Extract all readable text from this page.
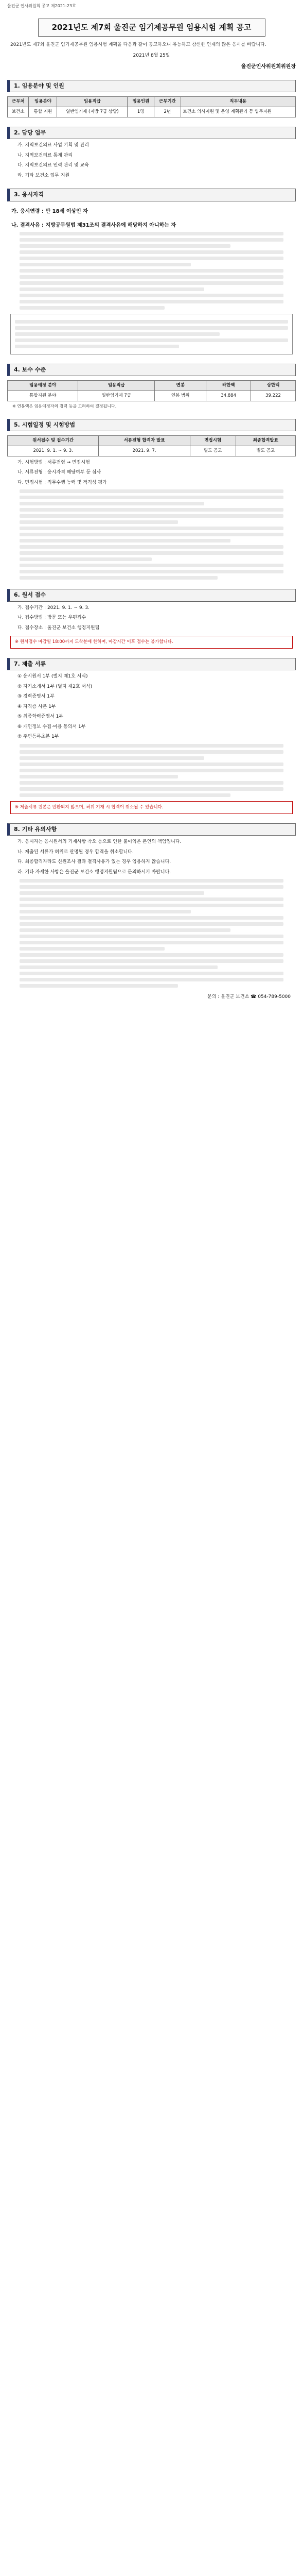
울진군 인사위원회 공고 제2021-23호
2021년도 제7회 울진군 임기제공무원 임용시험 계획 공고
2021년도 제7회 울진군 임기제공무원 임용시험 계획을 다음과 같이 공고하오니 유능하고 참신한 인재의 많은 응시를 바랍니다.
2021년 8월 25일
울진군인사위원회위원장
1. 임용분야 및 인원
근무처	임용분야	임용직급	임용인원	근무기간	직무내용
보건소	통합 지원	일반임기제 (지방 7급 상당)	1명	2년	보건소 의사지원 및 운영 계획관리 등 업무지원
2. 담당 업무
가. 지역보건의료 사업 기획 및 관리
나. 지역보건의료 통계 관리
다. 지역보건의료 인력 관리 및 교육
라. 기타 보건소 업무 지원
3. 응시자격
가. 응시연령 : 만 18세 이상인 자
나. 결격사유 : 지방공무원법 제31조의 결격사유에 해당하지 아니하는 자
4. 보수 수준
임용예정 분야	임용직급	연봉	하한액	상한액
통합지원 분야	일반임기제 7급	연봉 범위	34,884	39,222
※ 연봉액은 임용예정자의 경력 등을 고려하여 결정됩니다.
5. 시험일정 및 시험방법
원서접수 및 접수기간	서류전형 합격자 발표	면접시험	최종합격발표
2021. 9. 1. ~ 9. 3.	2021. 9. 7.	별도 공고	별도 공고
가. 시험방법 : 서류전형 → 면접시험
나. 서류전형 : 응시자격 해당여부 등 심사
다. 면접시험 : 직무수행 능력 및 적격성 평가
6. 원서 접수
가. 접수기간 : 2021. 9. 1. ~ 9. 3.
나. 접수방법 : 방문 또는 우편접수
다. 접수장소 : 울진군 보건소 행정지원팀
※ 원서접수 마감일 18:00까지 도착분에 한하며, 마감시간 이후 접수는 불가합니다.
7. 제출 서류
① 응시원서 1부 (별지 제1호 서식)
② 자기소개서 1부 (별지 제2호 서식)
③ 경력증명서 1부
④ 자격증 사본 1부
⑤ 최종학력증명서 1부
⑥ 개인정보 수집·이용 동의서 1부
⑦ 주민등록초본 1부
※ 제출서류 원본은 반환되지 않으며, 허위 기재 시 합격이 취소될 수 있습니다.
8. 기타 유의사항
가. 응시자는 응시원서의 기재사항 착오 등으로 인한 불이익은 본인의 책임입니다.
나. 제출된 서류가 허위로 판명될 경우 합격을 취소합니다.
다. 최종합격자라도 신원조사 결과 결격사유가 있는 경우 임용하지 않습니다.
라. 기타 자세한 사항은 울진군 보건소 행정지원팀으로 문의하시기 바랍니다.
문의 : 울진군 보건소 ☎ 054-789-5000
